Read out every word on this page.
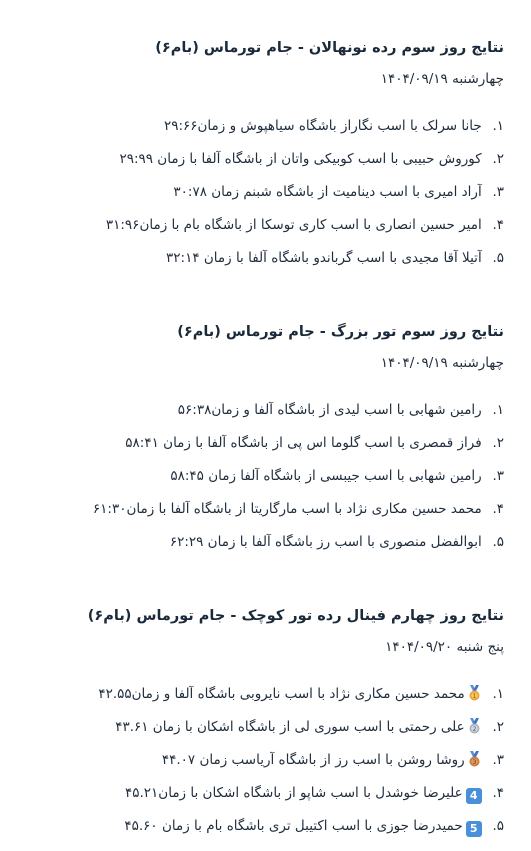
نتایج روز سوم رده نونهالان - جام تورماس (بام۶)
چهارشنبه ۱۴۰۴/۰۹/۱۹
۱. جانا سرلک با اسب نگاراز باشگاه سیاهپوش و زمان۲۹:۶۶
۲. کوروش حبیبی با اسب کوبیکی واتان از باشگاه آلفا با زمان ۲۹:۹۹
۳. آراد امیری با اسب دینامیت از باشگاه شبنم زمان ۳۰:۷۸
۴. امیر حسین انصاری با اسب کاری توسکا از باشگاه بام با زمان۳۱:۹۶
۵. آتیلا آقا مجیدی با اسب گرباندو باشگاه آلفا با زمان ۳۲:۱۴
نتایج روز سوم تور بزرگ - جام تورماس (بام۶)
چهارشنبه ۱۴۰۴/۰۹/۱۹
۱. رامین شهابی با اسب لیدی از باشگاه آلفا و زمان۵۶:۳۸
۲. فراز قمصری با اسب گلوما اس پی از باشگاه آلفا با زمان ۵۸:۴۱
۳. رامین شهابی با اسب جیبسی از باشگاه آلفا زمان ۵۸:۴۵
۴. محمد حسین مکاری نژاد با اسب مارگاریتا از باشگاه آلفا با زمان۶۱:۳۰
۵. ابوالفضل منصوری با اسب رز باشگاه آلفا با زمان ۶۲:۲۹
نتایج روز چهارم فینال رده تور کوچک - جام تورماس (بام۶)
پنج شنبه ۱۴۰۴/۰۹/۲۰
۱.
1
محمد حسین مکاری نژاد با اسب نایروبی باشگاه آلفا و زمان۴۲.۵۵
۲.
2
علی رحمتی با اسب سوری لی از باشگاه اشکان با زمان ۴۳.۶۱
۳.
3
روشا روشن با اسب رز از باشگاه آریاسب زمان ۴۴.۰۷
۴. 4علیرضا خوشدل با اسب شاپو از باشگاه اشکان با زمان۴۵.۲۱
۵. 5حمیدرضا جوزی با اسب اکتیبل تری باشگاه بام با زمان ۴۵.۶۰
